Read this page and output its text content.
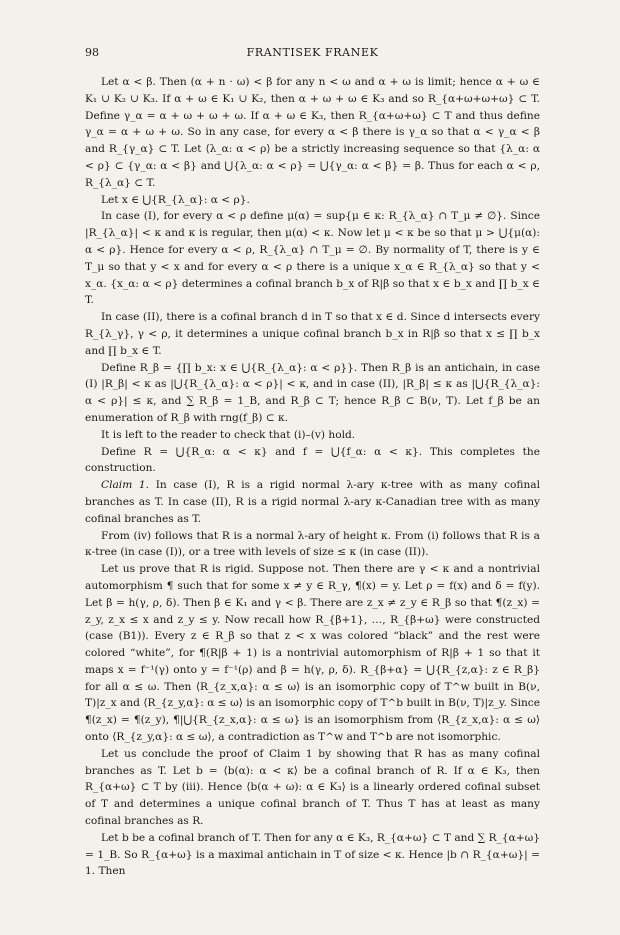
98	FRANTISEK FRANEK

Let α < β. Then (α + n · ω) < β for any n < ω and α + ω is limit; hence α + ω ∈ K₁ ∪ K₂ ∪ K₃. If α + ω ∈ K₁ ∪ K₂, then α + ω + ω ∈ K₃ and so R_{α+ω+ω+ω} ⊂ T. Define γ_α = α + ω + ω + ω. If α + ω ∈ K₃, then R_{α+ω+ω} ⊂ T and thus define γ_α = α + ω + ω. So in any case, for every α < β there is γ_α so that α < γ_α < β and R_{γ_α} ⊂ T. Let ⟨λ_α: α < ρ⟩ be a strictly increasing sequence so that {λ_α: α < ρ} ⊂ {γ_α: α < β} and ⋃{λ_α: α < ρ} = ⋃{γ_α: α < β} = β. Thus for each α < ρ, R_{λ_α} ⊂ T.

Let x ∈ ⋃{R_{λ_α}: α < ρ}.

In case (I), for every α < ρ define μ(α) = sup{μ ∈ κ: R_{λ_α} ∩ T_μ ≠ ∅}. Since |R_{λ_α}| < κ and κ is regular, then μ(α) < κ. Now let μ < κ be so that μ > ⋃{μ(α): α < ρ}. Hence for every α < ρ, R_{λ_α} ∩ T_μ = ∅. By normality of T, there is y ∈ T_μ so that y < x and for every α < ρ there is a unique x_α ∈ R_{λ_α} so that y < x_α. {x_α: α < ρ} determines a cofinal branch b_x of R|β so that x ∈ b_x and ∏ b_x ∈ T.

In case (II), there is a cofinal branch d in T so that x ∈ d. Since d intersects every R_{λ_γ}, γ < ρ, it determines a unique cofinal branch b_x in R|β so that x ≤ ∏ b_x and ∏ b_x ∈ T.

Define R_β = {∏ b_x: x ∈ ⋃{R_{λ_α}: α < ρ}}. Then R_β is an antichain, in case (I) |R_β| < κ as |⋃{R_{λ_α}: α < ρ}| < κ, and in case (II), |R_β| ≤ κ as |⋃{R_{λ_α}: α < ρ}| ≤ κ, and ∑ R_β = 1_B, and R_β ⊂ T; hence R_β ⊂ B(ν, T). Let f_β be an enumeration of R_β with rng(f_β) ⊂ κ.

It is left to the reader to check that (i)–(v) hold.

Define R = ⋃{R_α: α < κ} and f = ⋃{f_α: α < κ}. This completes the construction.

Claim 1. In case (I), R is a rigid normal λ-ary κ-tree with as many cofinal branches as T. In case (II), R is a rigid normal λ-ary κ-Canadian tree with as many cofinal branches as T.

From (iv) follows that R is a normal λ-ary of height κ. From (i) follows that R is a κ-tree (in case (I)), or a tree with levels of size ≤ κ (in case (II)).

Let us prove that R is rigid. Suppose not. Then there are γ < κ and a nontrivial automorphism ¶ such that for some x ≠ y ∈ R_γ, ¶(x) = y. Let ρ = f(x) and δ = f(y). Let β = h(γ, ρ, δ). Then β ∈ K₁ and γ < β. There are z_x ≠ z_y ∈ R_β so that ¶(z_x) = z_y, z_x ≤ x and z_y ≤ y. Now recall how R_{β+1}, …, R_{β+ω} were constructed (case (B1)). Every z ∈ R_β so that z < x was colored “black” and the rest were colored “white”, for ¶(R|β + 1) is a nontrivial automorphism of R|β + 1 so that it maps x = f⁻¹(γ) onto y = f⁻¹(ρ) and β = h(γ, ρ, δ). R_{β+α} = ⋃{R_{z,α}: z ∈ R_β} for all α ≤ ω. Then ⟨R_{z_x,α}: α ≤ ω⟩ is an isomorphic copy of T^w built in B(ν, T)|z_x and ⟨R_{z_y,α}: α ≤ ω⟩ is an isomorphic copy of T^b built in B(ν, T)|z_y. Since ¶(z_x) = ¶(z_y), ¶|⋃{R_{z_x,α}: α ≤ ω} is an isomorphism from ⟨R_{z_x,α}: α ≤ ω⟩ onto ⟨R_{z_y,α}: α ≤ ω⟩, a contradiction as T^w and T^b are not isomorphic.

Let us conclude the proof of Claim 1 by showing that R has as many cofinal branches as T. Let b = ⟨b(α): α < κ⟩ be a cofinal branch of R. If α ∈ K₃, then R_{α+ω} ⊂ T by (iii). Hence ⟨b(α + ω): α ∈ K₃⟩ is a linearly ordered cofinal subset of T and determines a unique cofinal branch of T. Thus T has at least as many cofinal branches as R.

Let b be a cofinal branch of T. Then for any α ∈ K₃, R_{α+ω} ⊂ T and ∑ R_{α+ω} = 1_B. So R_{α+ω} is a maximal antichain in T of size < κ. Hence |b ∩ R_{α+ω}| = 1. Then
